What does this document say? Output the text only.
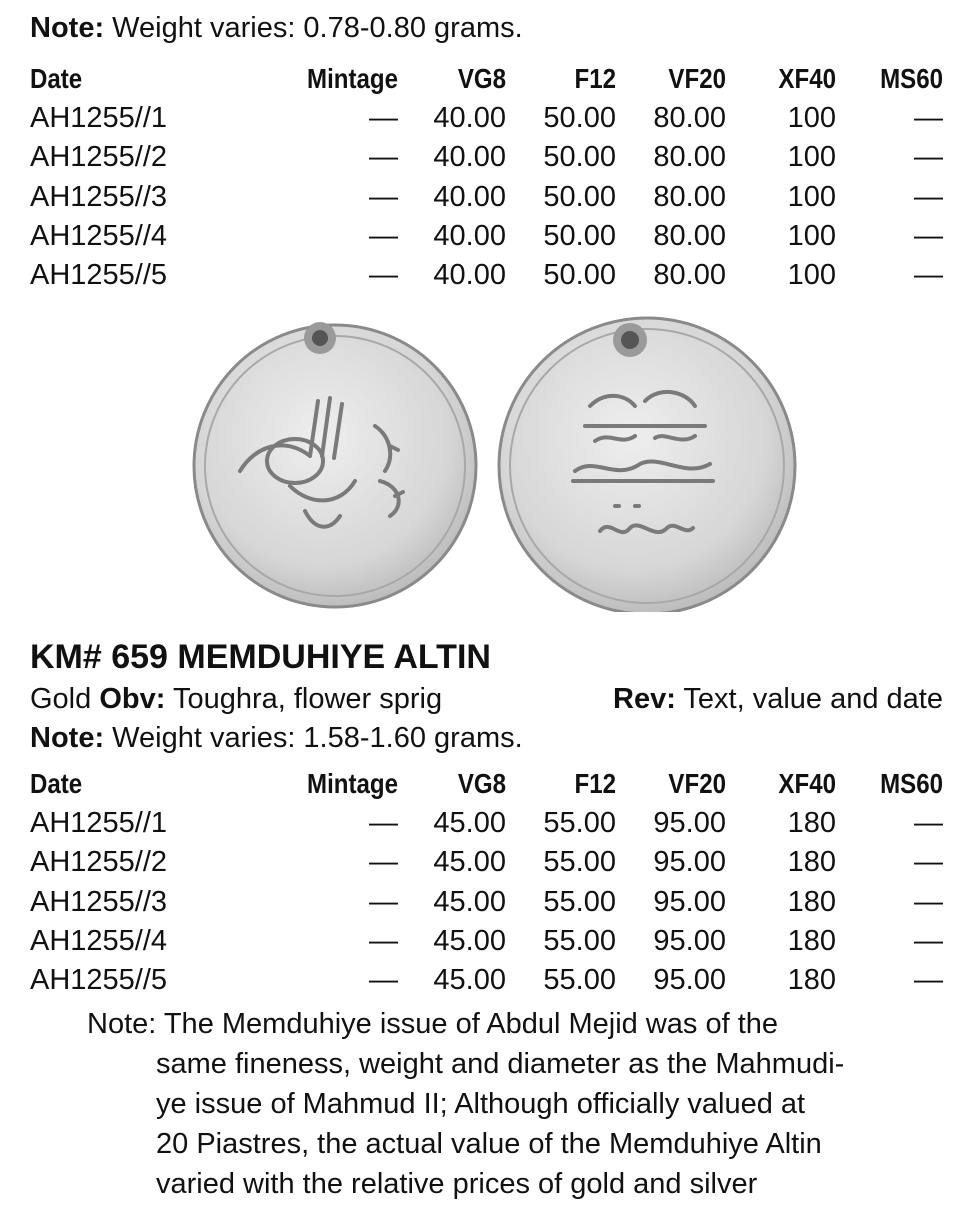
Note: Weight varies: 0.78-0.80 grams.
Date	Mintage	VG8	F12	VF20	XF40	MS60
AH1255//1	—	40.00	50.00	80.00	100	—
AH1255//2	—	40.00	50.00	80.00	100	—
AH1255//3	—	40.00	50.00	80.00	100	—
AH1255//4	—	40.00	50.00	80.00	100	—
AH1255//5	—	40.00	50.00	80.00	100	—
KM# 659 MEMDUHIYE ALTIN
Gold Obv: Toughra, flower sprig	Rev: Text, value and date
Note: Weight varies: 1.58-1.60 grams.
Date	Mintage	VG8	F12	VF20	XF40	MS60
AH1255//1	—	45.00	55.00	95.00	180	—
AH1255//2	—	45.00	55.00	95.00	180	—
AH1255//3	—	45.00	55.00	95.00	180	—
AH1255//4	—	45.00	55.00	95.00	180	—
AH1255//5	—	45.00	55.00	95.00	180	—
Note: The Memduhiye issue of Abdul Mejid was of the
same fineness, weight and diameter as the Mahmudi-
ye issue of Mahmud II; Although officially valued at
20 Piastres, the actual value of the Memduhiye Altin
varied with the relative prices of gold and silver
